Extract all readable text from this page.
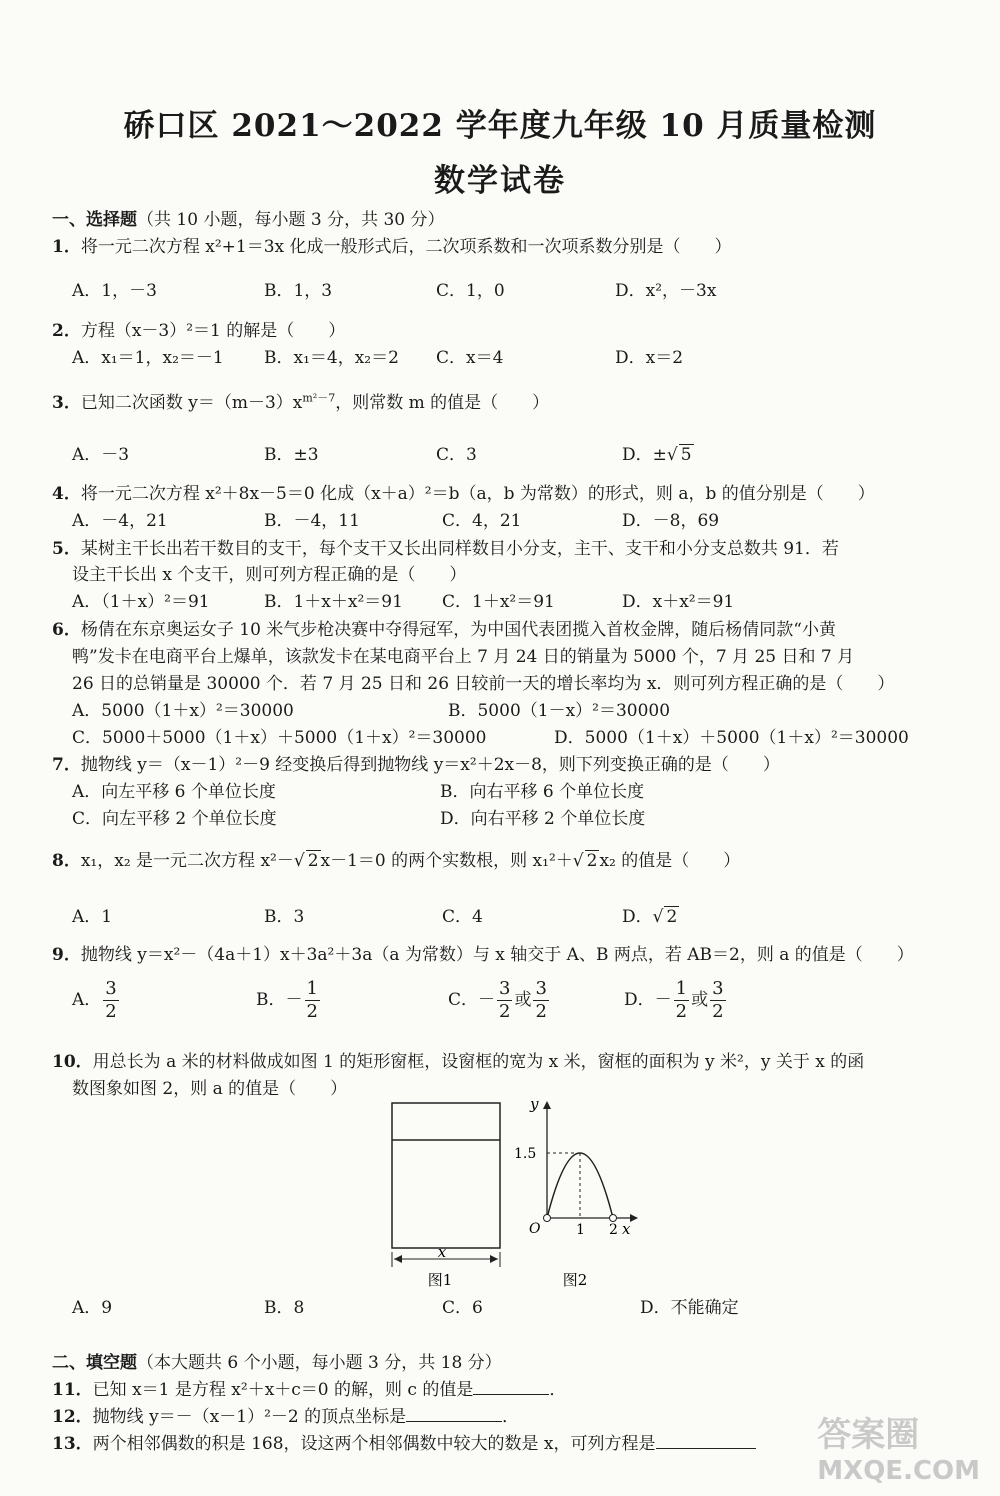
硚口区 2021～2022 学年度九年级 10 月质量检测
数学试卷
一、选择题（共 10 小题，每小题 3 分，共 30 分）
1．将一元二次方程 x²+1＝3x 化成一般形式后，二次项系数和一次项系数分别是（　　）
A．1，－3	B．1，3	C．1，0	D．x²，－3x
2．方程（x－3）²＝1 的解是（　　）
A．x₁＝1，x₂＝－1 B．x₁＝4，x₂＝2 C．x＝4	D．x＝2
3．已知二次函数 $y=(m-3)x^{m^2-7}$，则常数 m 的值是（　　）
A．－3	B．±3	C．3	D．±√ 5
4．将一元二次方程 x²＋8x－5＝0 化成（x＋a）²＝b（a，b 为常数）的形式，则 a，b 的值分别是（　　）
A．－4，21	B．－4，11	C．4，21	D．－8，69
5．某树主干长出若干数目的支干，每个支干又长出同样数目小分支，主干、支干和小分支总数共 91．若
设主干长出 x 个支干，则可列方程正确的是（　　）
A．（1＋x）²＝91	B．1＋x＋x²＝91 C．1＋x²＝91	D．x＋x²＝91
6．杨倩在东京奥运女子 10 米气步枪决赛中夺得冠军，为中国代表团揽入首枚金牌，随后杨倩同款“小黄
鸭”发卡在电商平台上爆单，该款发卡在某电商平台上 7 月 24 日的销量为 5000 个，7 月 25 日和 7 月
26 日的总销量是 30000 个．若 7 月 25 日和 26 日较前一天的增长率均为 x．则可列方程正确的是（　　）
A．5000（1＋x）²＝30000	B．5000（1－x）²＝30000
C．5000＋5000（1＋x）＋5000（1＋x）²＝30000	D．5000（1＋x）＋5000（1＋x）²＝30000
7．抛物线 y＝（x－1）²－9 经变换后得到抛物线 y＝x²＋2x－8，则下列变换正确的是（　　）
A．向左平移 6 个单位长度	B．向右平移 6 个单位长度
C．向左平移 2 个单位长度	D．向右平移 2 个单位长度
8．x₁，x₂ 是一元二次方程 x²－√ 2 x－1＝0 的两个实数根，则 x₁²＋√ 2 x₂ 的值是（　　）
A．1	B．3	C．4	D．√ 2
9．抛物线 y＝x²－（4a＋1）x＋3a²＋3a（a 为常数）与 x 轴交于 A、B 两点，若 AB＝2，则 a 的值是（　　）
A． $\frac{3}{2}$	B．－ $\frac{1}{2}$	C．－ $\frac{3}{2}$ 或 $\frac{3}{2}$	D．－ $\frac{1}{2}$ 或 $\frac{3}{2}$
10．用总长为 a 米的材料做成如图 1 的矩形窗框，设窗框的宽为 x 米，窗框的面积为 y 米²，y 关于 x 的函
数图象如图 2，则 a 的值是（　　）
x
图1
y
1.5
O	1 2 x
图2
A．9	B．8	C．6	D．不能确定
二、填空题（本大题共 6 个小题，每小题 3 分，共 18 分）
11．已知 x＝1 是方程 x²＋x＋c＝0 的解，则 c 的值是	．
12．抛物线 y＝－（x－1）²－2 的顶点坐标是	．
13．两个相邻偶数的积是 168，设这两个相邻偶数中较大的数是 x，可列方程是	答案圈
MXQE.COM
